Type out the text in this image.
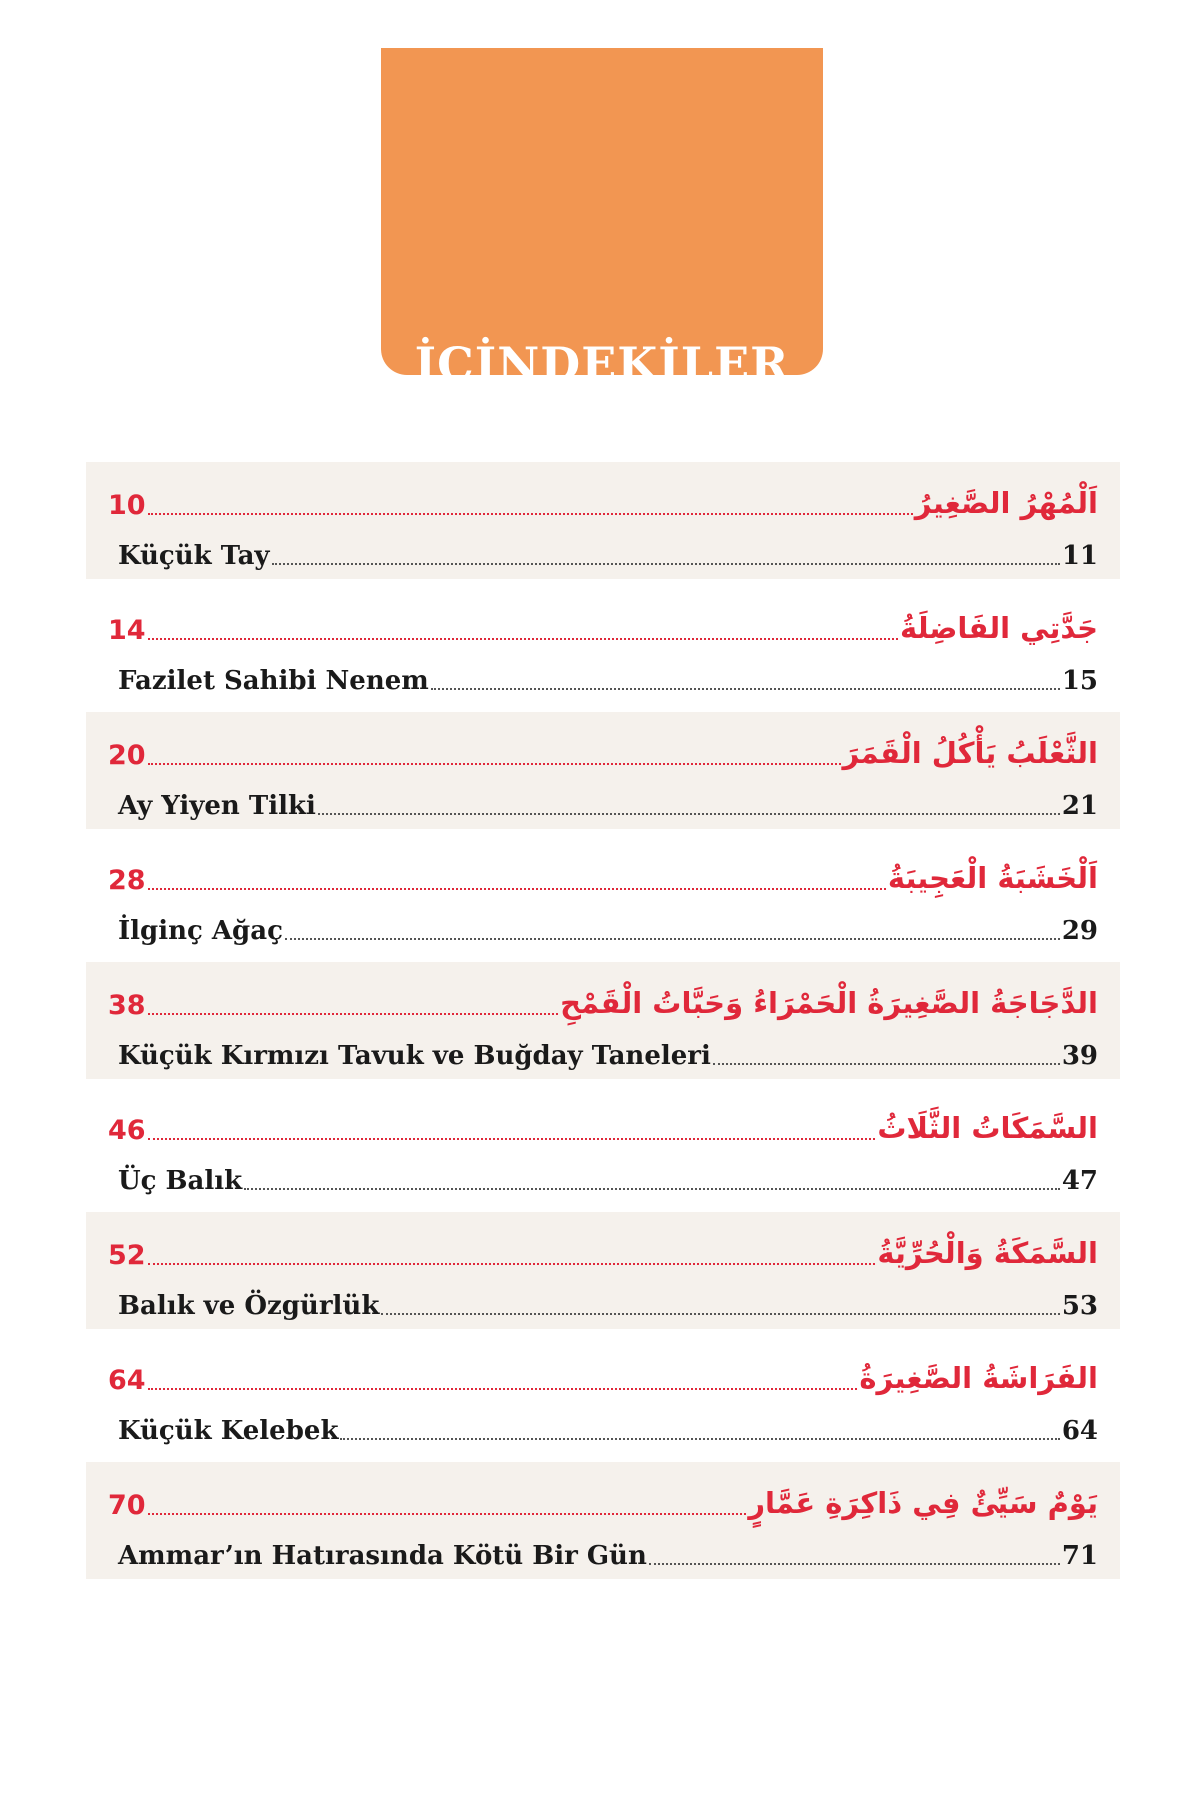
İÇİNDEKİLER
10	اَلْمُهْرُ الصَّغِيرُ
Küçük Tay	11
14	جَدَّتِي الفَاضِلَةُ
Fazilet Sahibi Nenem	15
20	الثَّعْلَبُ يَأْكُلُ الْقَمَرَ
Ay Yiyen Tilki	21
28	اَلْخَشَبَةُ الْعَجِيبَةُ
İlginç Ağaç	29
38	الدَّجَاجَةُ الصَّغِيرَةُ الْحَمْرَاءُ وَحَبَّاتُ الْقَمْحِ
Küçük Kırmızı Tavuk ve Buğday Taneleri	39
46	السَّمَكَاتُ الثَّلَاثُ
Üç Balık	47
52	السَّمَكَةُ وَالْحُرِّيَّةُ
Balık ve Özgürlük	53
64	الفَرَاشَةُ الصَّغِيرَةُ
Küçük Kelebek	64
70	يَوْمٌ سَيِّئٌ فِي ذَاكِرَةِ عَمَّارٍ
Ammar’ın Hatırasında Kötü Bir Gün	71
